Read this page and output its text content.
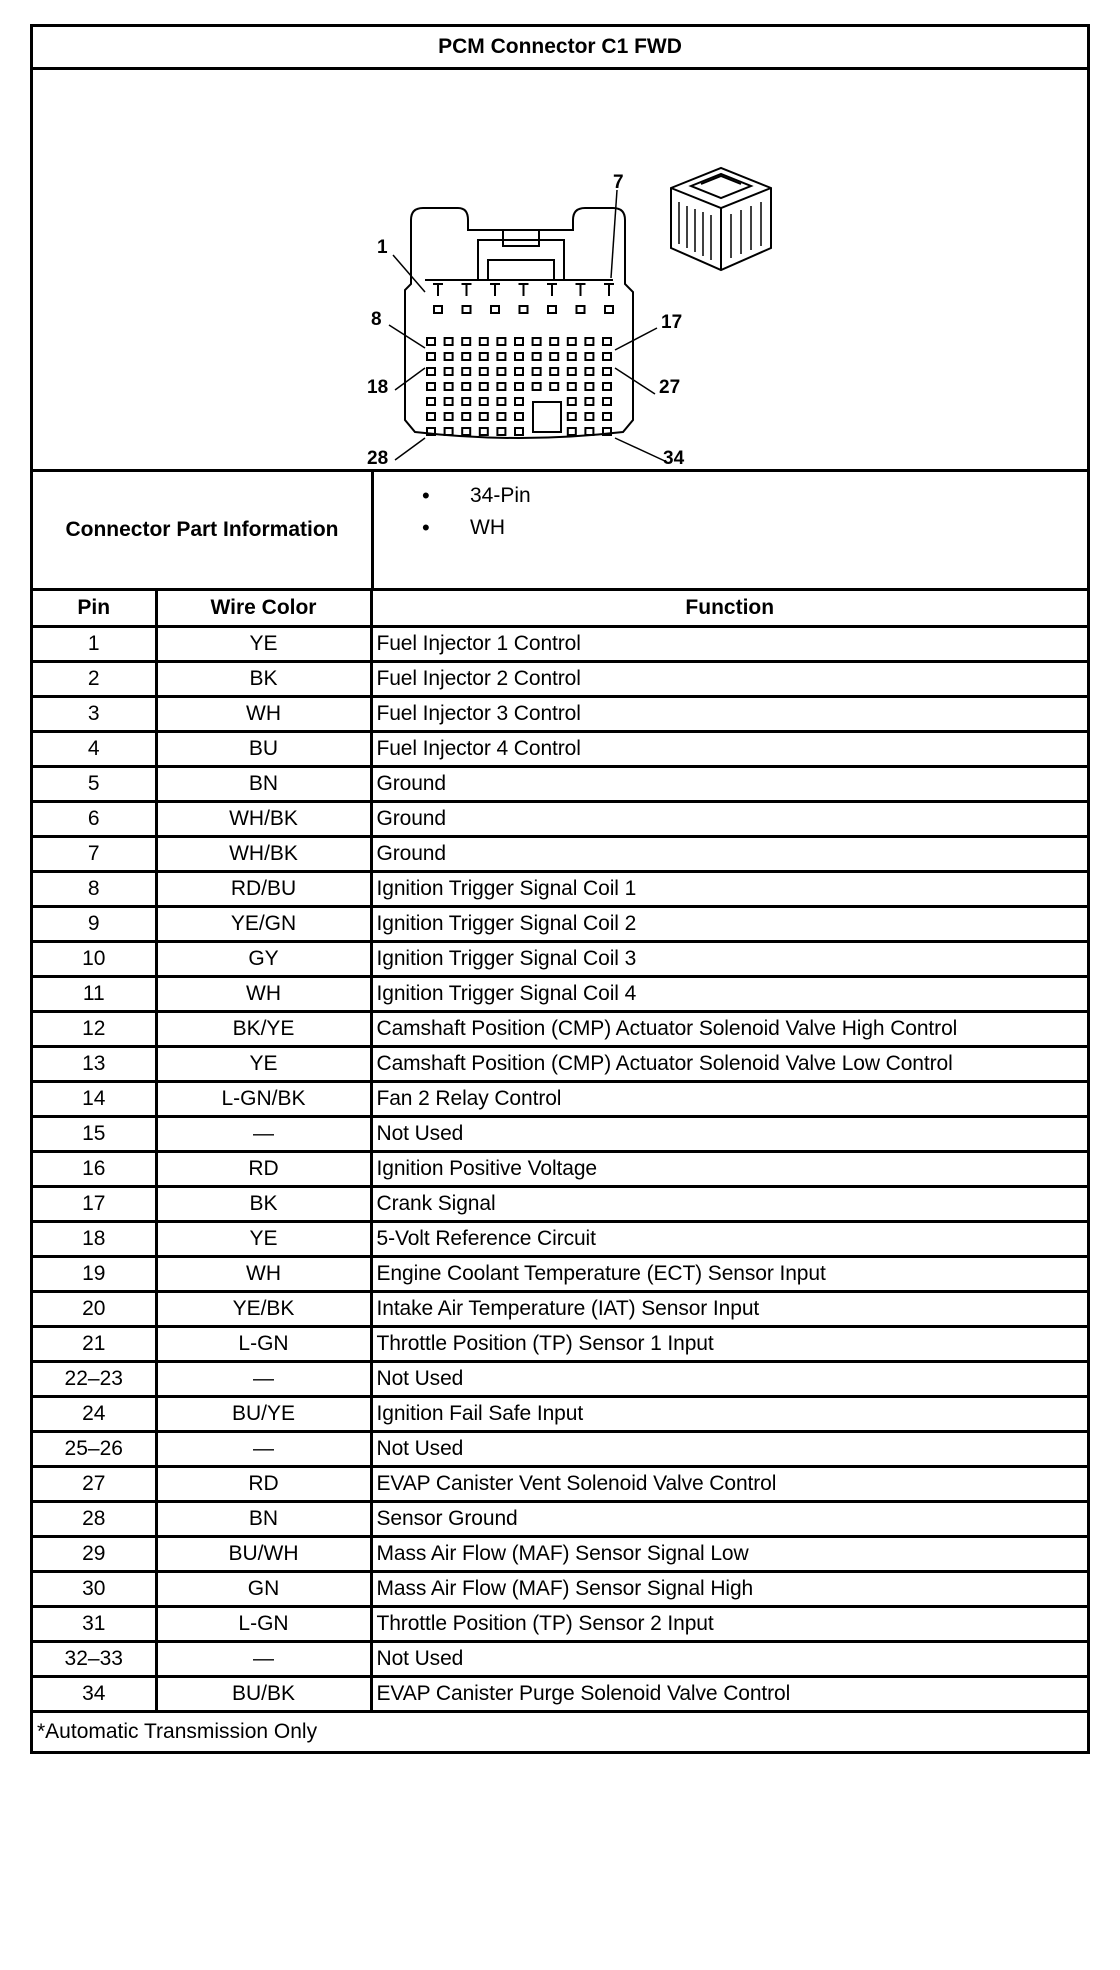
PCM Connector C1 FWD
1
7
8	17
18	27
28	34
Connector Part Information
• 34-Pin
• WH
Pin	Wire Color	Function
1	YE	Fuel Injector 1 Control
2	BK	Fuel Injector 2 Control
3	WH	Fuel Injector 3 Control
4	BU	Fuel Injector 4 Control
5	BN	Ground
6	WH/BK	Ground
7	WH/BK	Ground
8	RD/BU	Ignition Trigger Signal Coil 1
9	YE/GN	Ignition Trigger Signal Coil 2
10	GY	Ignition Trigger Signal Coil 3
11	WH	Ignition Trigger Signal Coil 4
12	BK/YE	Camshaft Position (CMP) Actuator Solenoid Valve High Control
13	YE	Camshaft Position (CMP) Actuator Solenoid Valve Low Control
14	L-GN/BK	Fan 2 Relay Control
15	—	Not Used
16	RD	Ignition Positive Voltage
17	BK	Crank Signal
18	YE	5-Volt Reference Circuit
19	WH	Engine Coolant Temperature (ECT) Sensor Input
20	YE/BK	Intake Air Temperature (IAT) Sensor Input
21	L-GN	Throttle Position (TP) Sensor 1 Input
22–23	—	Not Used
24	BU/YE	Ignition Fail Safe Input
25–26	—	Not Used
27	RD	EVAP Canister Vent Solenoid Valve Control
28	BN	Sensor Ground
29	BU/WH	Mass Air Flow (MAF) Sensor Signal Low
30	GN	Mass Air Flow (MAF) Sensor Signal High
31	L-GN	Throttle Position (TP) Sensor 2 Input
32–33	—	Not Used
34	BU/BK	EVAP Canister Purge Solenoid Valve Control
*Automatic Transmission Only
